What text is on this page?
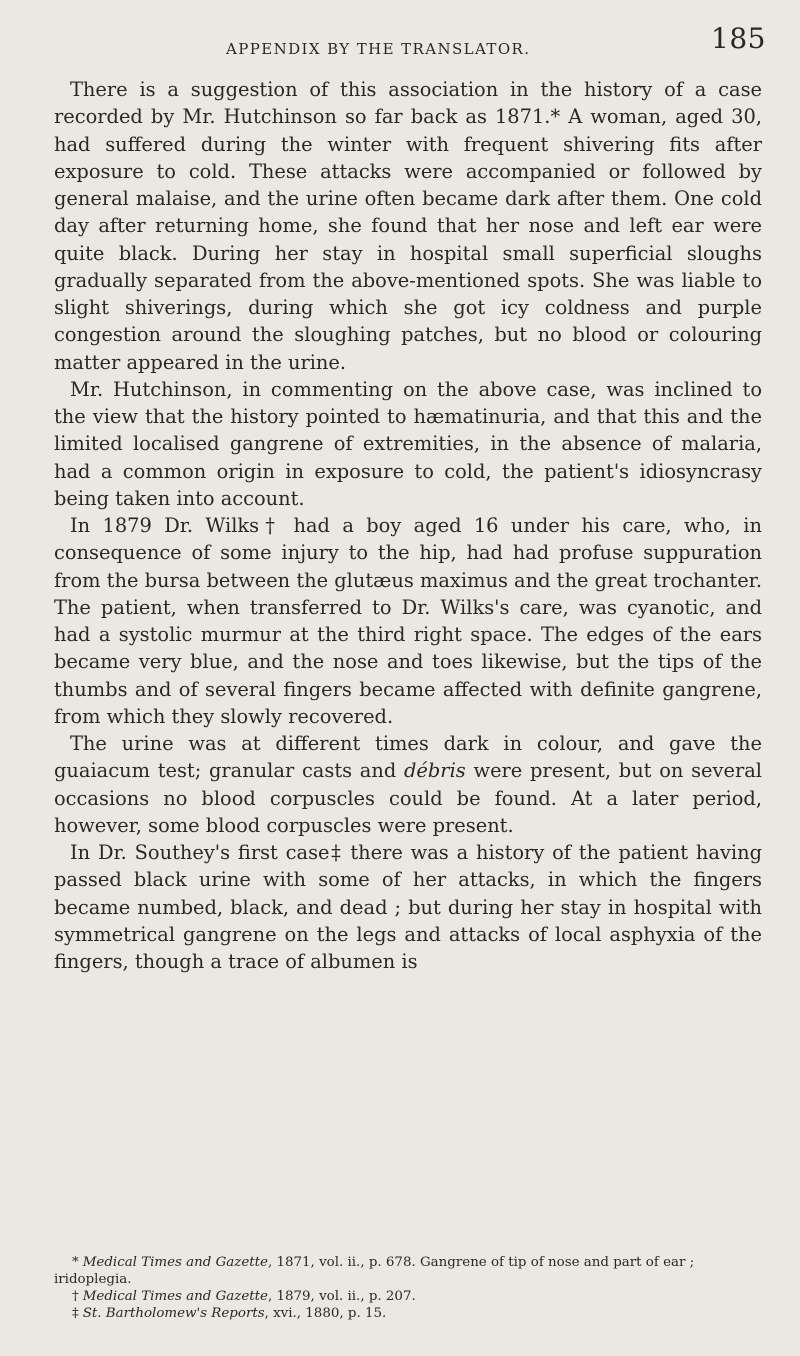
APPENDIX BY THE TRANSLATOR.	185

There is a suggestion of this association in the history of a case recorded by Mr. Hutchinson so far back as 1871.* A woman, aged 30, had suffered during the winter with frequent shivering fits after exposure to cold. These attacks were accompanied or followed by general malaise, and the urine often became dark after them. One cold day after returning home, she found that her nose and left ear were quite black. During her stay in hospital small superficial sloughs gradually separated from the above-mentioned spots. She was liable to slight shiverings, during which she got icy coldness and purple congestion around the sloughing patches, but no blood or colouring matter appeared in the urine.

Mr. Hutchinson, in commenting on the above case, was inclined to the view that the history pointed to hæmatinuria, and that this and the limited localised gangrene of extremities, in the absence of malaria, had a common origin in exposure to cold, the patient's idiosyncrasy being taken into account.

In 1879 Dr. Wilks† had a boy aged 16 under his care, who, in consequence of some injury to the hip, had had profuse suppuration from the bursa between the glutæus maximus and the great trochanter. The patient, when transferred to Dr. Wilks's care, was cyanotic, and had a systolic murmur at the third right space. The edges of the ears became very blue, and the nose and toes likewise, but the tips of the thumbs and of several fingers became affected with definite gangrene, from which they slowly recovered.

The urine was at different times dark in colour, and gave the guaiacum test; granular casts and débris were present, but on several occasions no blood corpuscles could be found. At a later period, however, some blood corpuscles were present.

In Dr. Southey's first case‡ there was a history of the patient having passed black urine with some of her attacks, in which the fingers became numbed, black, and dead ; but during her stay in hospital with symmetrical gangrene on the legs and attacks of local asphyxia of the fingers, though a trace of albumen is

* Medical Times and Gazette, 1871, vol. ii., p. 678. Gangrene of tip of nose and part of ear ; iridoplegia.

† Medical Times and Gazette, 1879, vol. ii., p. 207.

‡ St. Bartholomew's Reports, xvi., 1880, p. 15.
